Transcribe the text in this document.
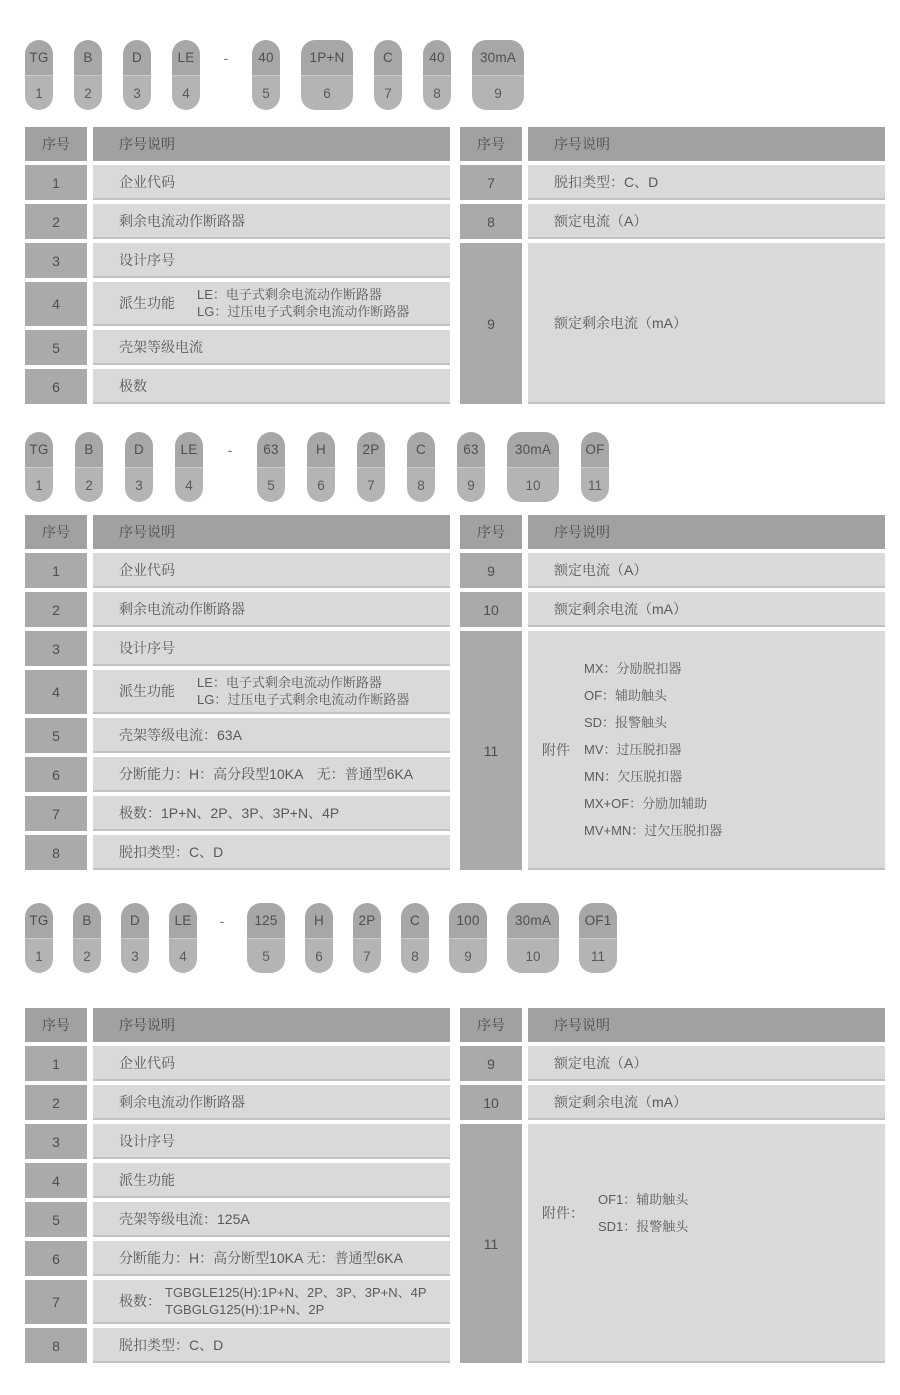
TG
1
B
2
D
3
LE
4
-	40
5
1P+N
6
C
7
40
8
30mA
9
序号	序号说明
1	企业代码
2	剩余电流动作断路器
3	设计序号
4	派生功能
LE：电子式剩余电流动作断路器
LG：过压电子式剩余电流动作断路器
5	壳架等级电流
6	极数
序号	序号说明
7	脱扣类型：C、D
8	额定电流（A）
9	额定剩余电流（mA）
TG
1
B
2
D
3
LE
4
-	63
5
H
6
2P
7
C
8
63
9
30mA
10
OF
11
序号	序号说明
1	企业代码
2	剩余电流动作断路器
3	设计序号
4	派生功能
LE：电子式剩余电流动作断路器
LG：过压电子式剩余电流动作断路器
5	壳架等级电流：63A
6	分断能力：H：高分段型10KA　无：普通型6KA
7	极数：1P+N、2P、3P、3P+N、4P
8	脱扣类型：C、D
序号	序号说明
9	额定电流（A）
10	额定剩余电流（mA）
11	附件
MX：分励脱扣器
OF：辅助触头
SD：报警触头
MV：过压脱扣器
MN：欠压脱扣器
MX+OF：分励加辅助
MV+MN：过欠压脱扣器
TG
1
B
2
D
3
LE
4
-	125
5
H
6
2P
7
C
8
100
9
30mA
10
OF1
11
序号	序号说明
1	企业代码
2	剩余电流动作断路器
3	设计序号
4	派生功能
5	壳架等级电流：125A
6	分断能力：H：高分断型10KA 无：普通型6KA
7	极数：
TGBGLE125(H):1P+N、2P、3P、3P+N、4P
TGBGLG125(H):1P+N、2P
8	脱扣类型：C、D
序号	序号说明
9	额定电流（A）
10	额定剩余电流（mA）
11
附件：
OF1：辅助触头
SD1：报警触头
